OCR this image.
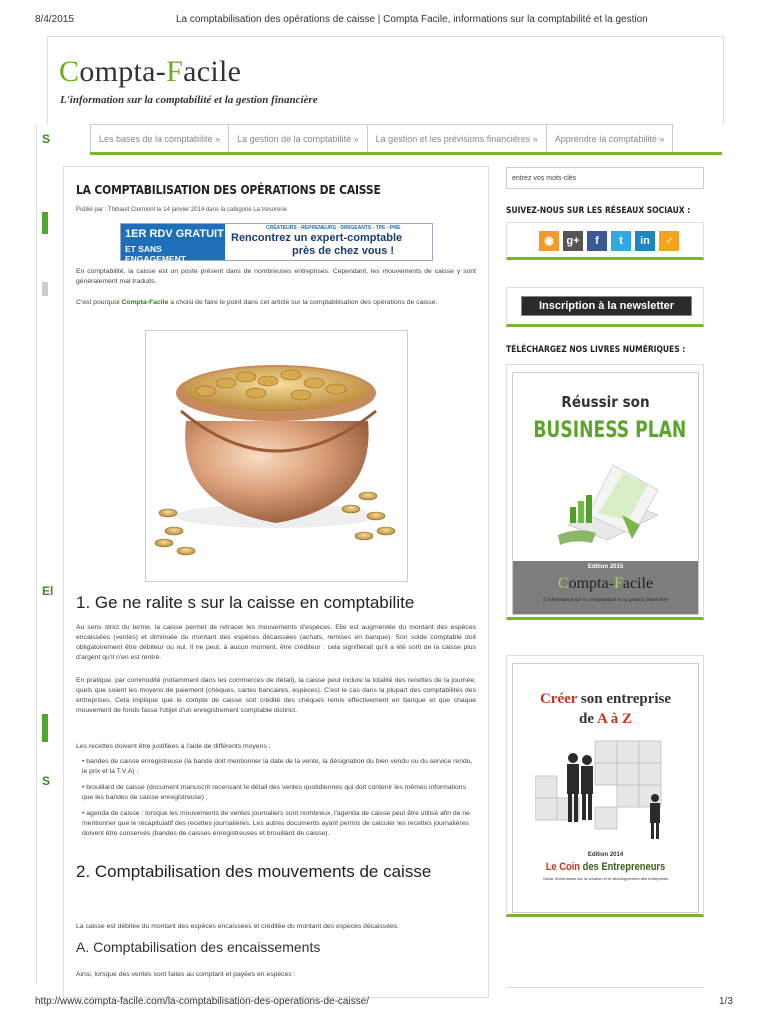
8/4/2015	La comptabilisation des opérations de caisse | Compta Facile, informations sur la comptabilité et la gestion
Compta-Facile
L'information sur la comptabilité et la gestion financière
Les bases de la comptabilité »	La gestion de la comptabilité »	La gestion et les prévisions financières »	Apprendre la comptabilité »
S
El
S
LA COMPTABILISATION DES OPÉRATIONS DE CAISSE
Publié par : Thibault Clermont le 14 janvier 2014 dans la catégorie La trésorerie
1ER RDV GRATUIT
ET SANS ENGAGEMENT
CRÉATEURS - REPRENEURS - DIRIGEANTS - TPE - PME
Rencontrez un expert-comptable
près de chez vous !
En comptabilité, la caisse est un poste présent dans de nombreuses entreprises. Cependant, les mouvements de caisse y sont généralement mal traduits.
C'est pourquoi Compta-Facile a choisi de faire le point dans cet article sur la comptabilisation des opérations de caisse.
1. Ge ne ralite s sur la caisse en comptabilite
Au sens strict du terme, la caisse permet de retracer les mouvements d'espèces. Elle est augmentée du montant des espèces encaissées (ventes) et diminuée du montant des espèces décaissées (achats, remises en banque). Son solde comptable doit obligatoirement être débiteur ou nul. Il ne peut, à aucun moment, être créditeur : cela signifierait qu'il a été sorti de la caisse plus d'argent qu'il n'en est rentré.
En pratique, par commodité (notamment dans les commerces de détail), la caisse peut inclure la totalité des recettes de la journée, quels que soient les moyens de paiement (chèques, cartes bancaires, espèces). C'est le cas dans la plupart des comptabilités des entreprises. Cela implique que le compte de caisse soit crédité des chèques remis effectivement en banque et que chaque mouvement de fonds fasse l'objet d'un enregistrement comptable distinct.
Les recettes doivent être justifiées à l'aide de différents moyens :
• bandes de caisse enregistreuse (la bande doit mentionner la date de la vente, la désignation du bien vendu ou du service rendu, le prix et la T.V.A) ;
• brouillard de caisse (document manuscrit recensant le détail des ventes quotidiennes qui doit contenir les mêmes informations que les bandes de caisse enregistreuse) ;
• agenda de caisse : lorsque les mouvements de ventes journaliers sont nombreux, l'agenda de caisse peut être utilisé afin de ne mentionner que le récapitulatif des recettes journalières. Les autres documents ayant permis de calculer les recettes journalières doivent être conservés (bandes de caisses enregistreuses et brouillard de caisse).
2. Comptabilisation des mouvements de caisse
La caisse est débitée du montant des espèces encaissées et créditée du montant des espèces décaissées.
A. Comptabilisation des encaissements
Ainsi, lorsque des ventes sont faites au comptant et payées en espèces :
entrez vos mots-clés
SUIVEZ-NOUS SUR LES RÉSEAUX SOCIAUX :
◉	g+	f	t	in	♂
Inscription à la newsletter
TÉLÉCHARGEZ NOS LIVRES NUMÉRIQUES :
Réussir son
BUSINESS PLAN
Edition 2015
Compta-Facile
L'information sur la comptabilité et la gestion financière
Créer son entreprise
de A à Z
Edition 2014
Le Coin des Entrepreneurs
Guide l'information sur la création et le développement des entreprises
http://www.compta-facile.com/la-comptabilisation-des-operations-de-caisse/	1/3
